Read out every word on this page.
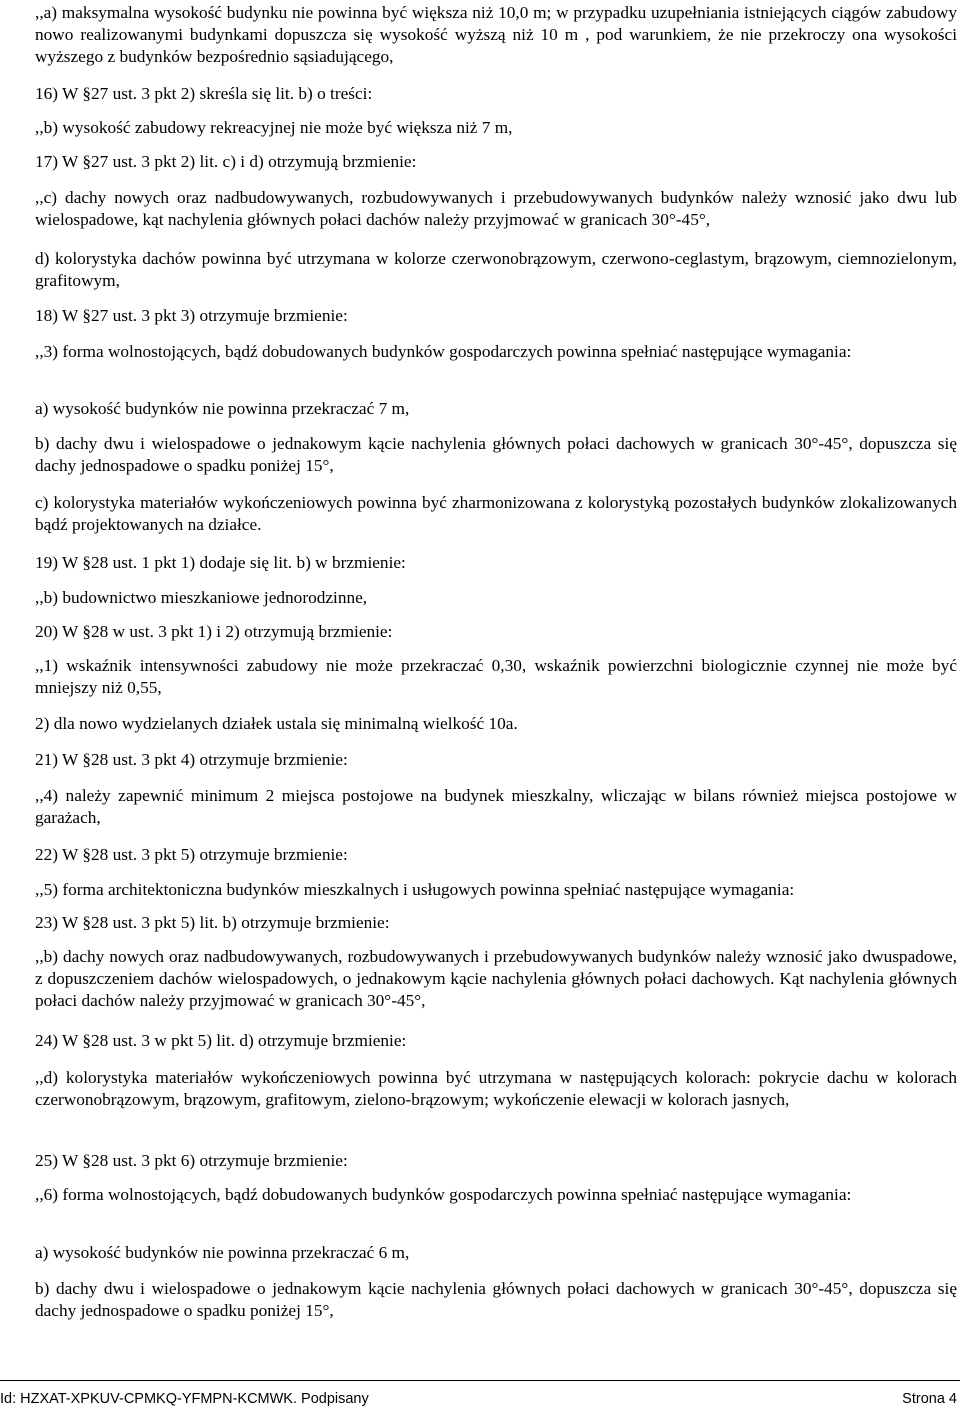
,,a) maksymalna wysokość budynku nie powinna być większa niż 10,0 m; w przypadku uzupełniania istniejących ciągów zabudowy nowo realizowanymi budynkami dopuszcza się wysokość wyższą niż 10 m , pod warunkiem, że nie przekroczy ona wysokości wyższego z budynków bezpośrednio sąsiadującego,

16) W §27 ust. 3 pkt 2) skreśla się lit. b) o treści:

,,b) wysokość zabudowy rekreacyjnej nie może być większa niż 7 m,

17) W §27 ust. 3 pkt 2) lit. c) i d) otrzymują brzmienie:

,,c) dachy nowych oraz nadbudowywanych, rozbudowywanych i przebudowywanych budynków należy wznosić jako dwu lub wielospadowe, kąt nachylenia głównych połaci dachów należy przyjmować w granicach 30°-45°,

d) kolorystyka dachów powinna być utrzymana w kolorze czerwonobrązowym, czerwono-ceglastym, brązowym, ciemnozielonym, grafitowym,

18) W §27 ust. 3 pkt 3) otrzymuje brzmienie:

,,3) forma wolnostojących, bądź dobudowanych budynków gospodarczych powinna spełniać następujące wymagania:

a) wysokość budynków nie powinna przekraczać 7 m,

b) dachy dwu i wielospadowe o jednakowym kącie nachylenia głównych połaci dachowych w granicach 30°-45°, dopuszcza się dachy jednospadowe o spadku poniżej 15°,

c) kolorystyka materiałów wykończeniowych powinna być zharmonizowana z kolorystyką pozostałych budynków zlokalizowanych bądź projektowanych na działce.

19) W §28 ust. 1 pkt 1) dodaje się lit. b) w brzmienie:

,,b) budownictwo mieszkaniowe jednorodzinne,

20) W §28 w ust. 3 pkt 1) i 2) otrzymują brzmienie:

,,1) wskaźnik intensywności zabudowy nie może przekraczać 0,30, wskaźnik powierzchni biologicznie czynnej nie może być mniejszy niż 0,55,

2) dla nowo wydzielanych działek ustala się minimalną wielkość 10a.

21) W §28 ust. 3 pkt 4) otrzymuje brzmienie:

,,4) należy zapewnić minimum 2 miejsca postojowe na budynek mieszkalny, wliczając w bilans również miejsca postojowe w garażach,

22) W §28 ust. 3 pkt 5) otrzymuje brzmienie:

,,5) forma architektoniczna budynków mieszkalnych i usługowych powinna spełniać następujące wymagania:

23) W §28 ust. 3 pkt 5) lit. b) otrzymuje brzmienie:

,,b) dachy nowych oraz nadbudowywanych, rozbudowywanych i przebudowywanych budynków należy wznosić jako dwuspadowe, z dopuszczeniem dachów wielospadowych, o jednakowym kącie nachylenia głównych połaci dachowych. Kąt nachylenia głównych połaci dachów należy przyjmować w granicach 30°-45°,

24) W §28 ust. 3 w pkt 5) lit. d) otrzymuje brzmienie:

,,d) kolorystyka materiałów wykończeniowych powinna być utrzymana w następujących kolorach: pokrycie dachu w kolorach czerwonobrązowym, brązowym, grafitowym, zielono-brązowym; wykończenie elewacji w kolorach jasnych,

25) W §28 ust. 3 pkt 6) otrzymuje brzmienie:

,,6) forma wolnostojących, bądź dobudowanych budynków gospodarczych powinna spełniać następujące wymagania:

a) wysokość budynków nie powinna przekraczać 6 m,

b) dachy dwu i wielospadowe o jednakowym kącie nachylenia głównych połaci dachowych w granicach 30°-45°, dopuszcza się dachy jednospadowe o spadku poniżej 15°,

Id: HZXAT-XPKUV-CPMKQ-YFMPN-KCMWK. Podpisany	Strona 4
